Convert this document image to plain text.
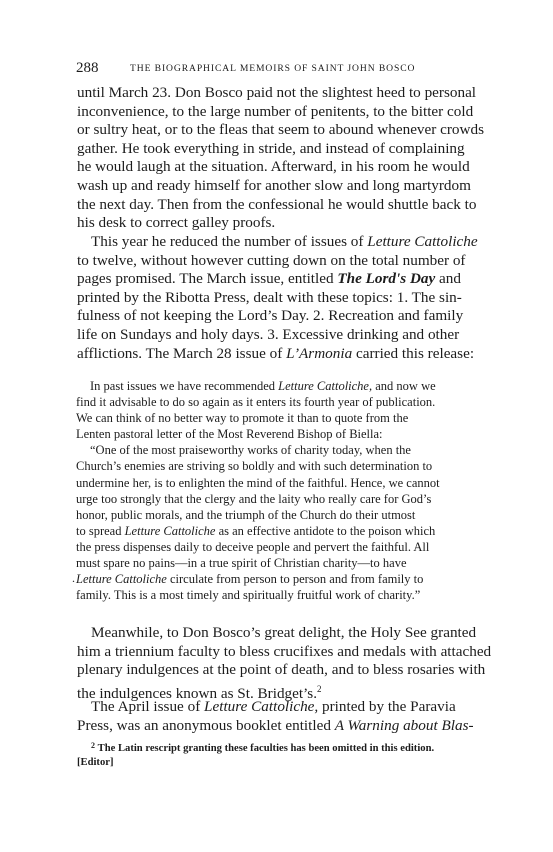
288	THE BIOGRAPHICAL MEMOIRS OF SAINT JOHN BOSCO

until March 23. Don Bosco paid not the slightest heed to personal
inconvenience, to the large number of penitents, to the bitter cold
or sultry heat, or to the fleas that seem to abound whenever crowds
gather. He took everything in stride, and instead of complaining
he would laugh at the situation. Afterward, in his room he would
wash up and ready himself for another slow and long martyrdom
the next day. Then from the confessional he would shuttle back to
his desk to correct galley proofs.

This year he reduced the number of issues of Letture Cattoliche
to twelve, without however cutting down on the total number of
pages promised. The March issue, entitled The Lord's Day and
printed by the Ribotta Press, dealt with these topics: 1. The sin-
fulness of not keeping the Lord’s Day. 2. Recreation and family
life on Sundays and holy days. 3. Excessive drinking and other
afflictions. The March 28 issue of L’Armonia carried this release:

In past issues we have recommended Letture Cattoliche, and now we
find it advisable to do so again as it enters its fourth year of publication.
We can think of no better way to promote it than to quote from the
Lenten pastoral letter of the Most Reverend Bishop of Biella:
“One of the most praiseworthy works of charity today, when the
Church’s enemies are striving so boldly and with such determination to
undermine her, is to enlighten the mind of the faithful. Hence, we cannot
urge too strongly that the clergy and the laity who really care for God’s
honor, public morals, and the triumph of the Church do their utmost
to spread Letture Cattoliche as an effective antidote to the poison which
the press dispenses daily to deceive people and pervert the faithful. All
must spare no pains—in a true spirit of Christian charity—to have
Letture Cattoliche circulate from person to person and from family to
family. This is a most timely and spiritually fruitful work of charity.”
.

Meanwhile, to Don Bosco’s great delight, the Holy See granted
him a triennium faculty to bless crucifixes and medals with attached
plenary indulgences at the point of death, and to bless rosaries with
the indulgences known as St. Bridget’s.$^2$

The April issue of Letture Cattoliche, printed by the Paravia
Press, was an anonymous booklet entitled A Warning about Blas-

$^2$ The Latin rescript granting these faculties has been omitted in this edition.
[Editor]
